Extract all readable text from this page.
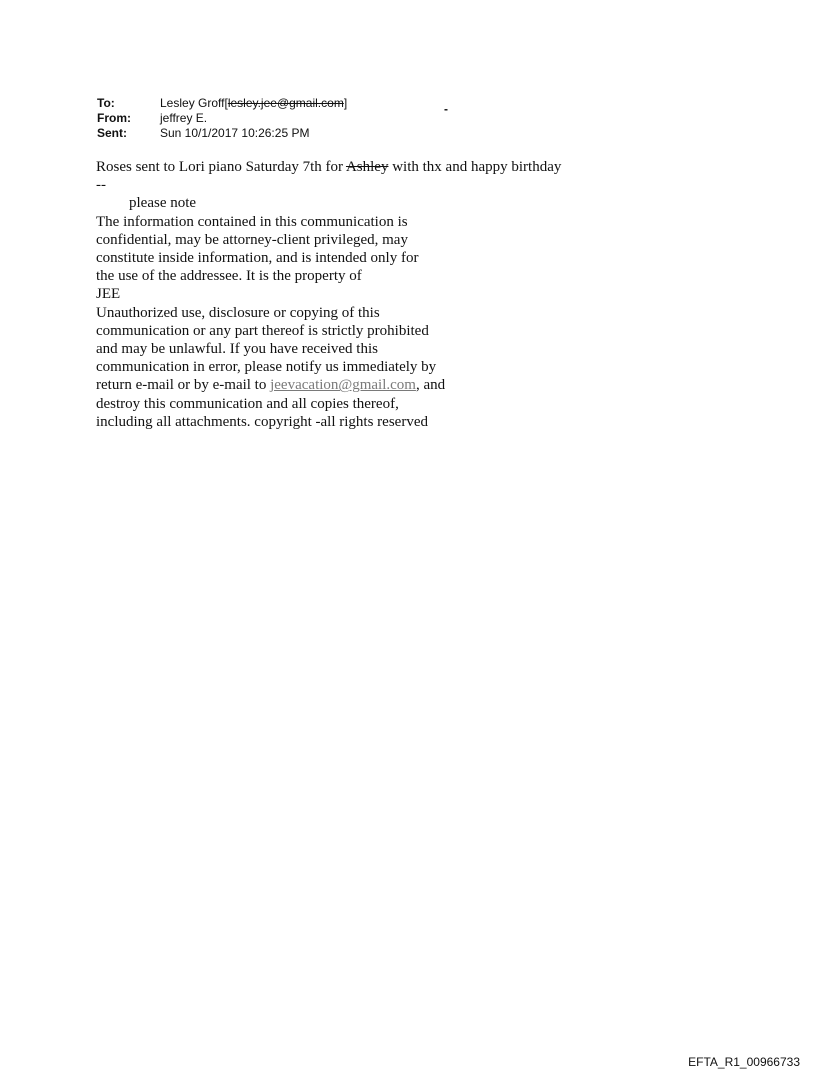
To:	Lesley Groff[lesley.jee@gmail.com]
From:	jeffrey E.
Sent:	Sun 10/1/2017 10:26:25 PM
-
Roses sent to Lori piano Saturday 7th for Ashley with thx and happy birthday
--
please note
The information contained in this communication is
confidential, may be attorney-client privileged, may
constitute inside information, and is intended only for
the use of the addressee. It is the property of
JEE
Unauthorized use, disclosure or copying of this
communication or any part thereof is strictly prohibited
and may be unlawful. If you have received this
communication in error, please notify us immediately by
return e-mail or by e-mail to jeevacation@gmail.com, and
destroy this communication and all copies thereof,
including all attachments. copyright -all rights reserved
EFTA_R1_00966733
